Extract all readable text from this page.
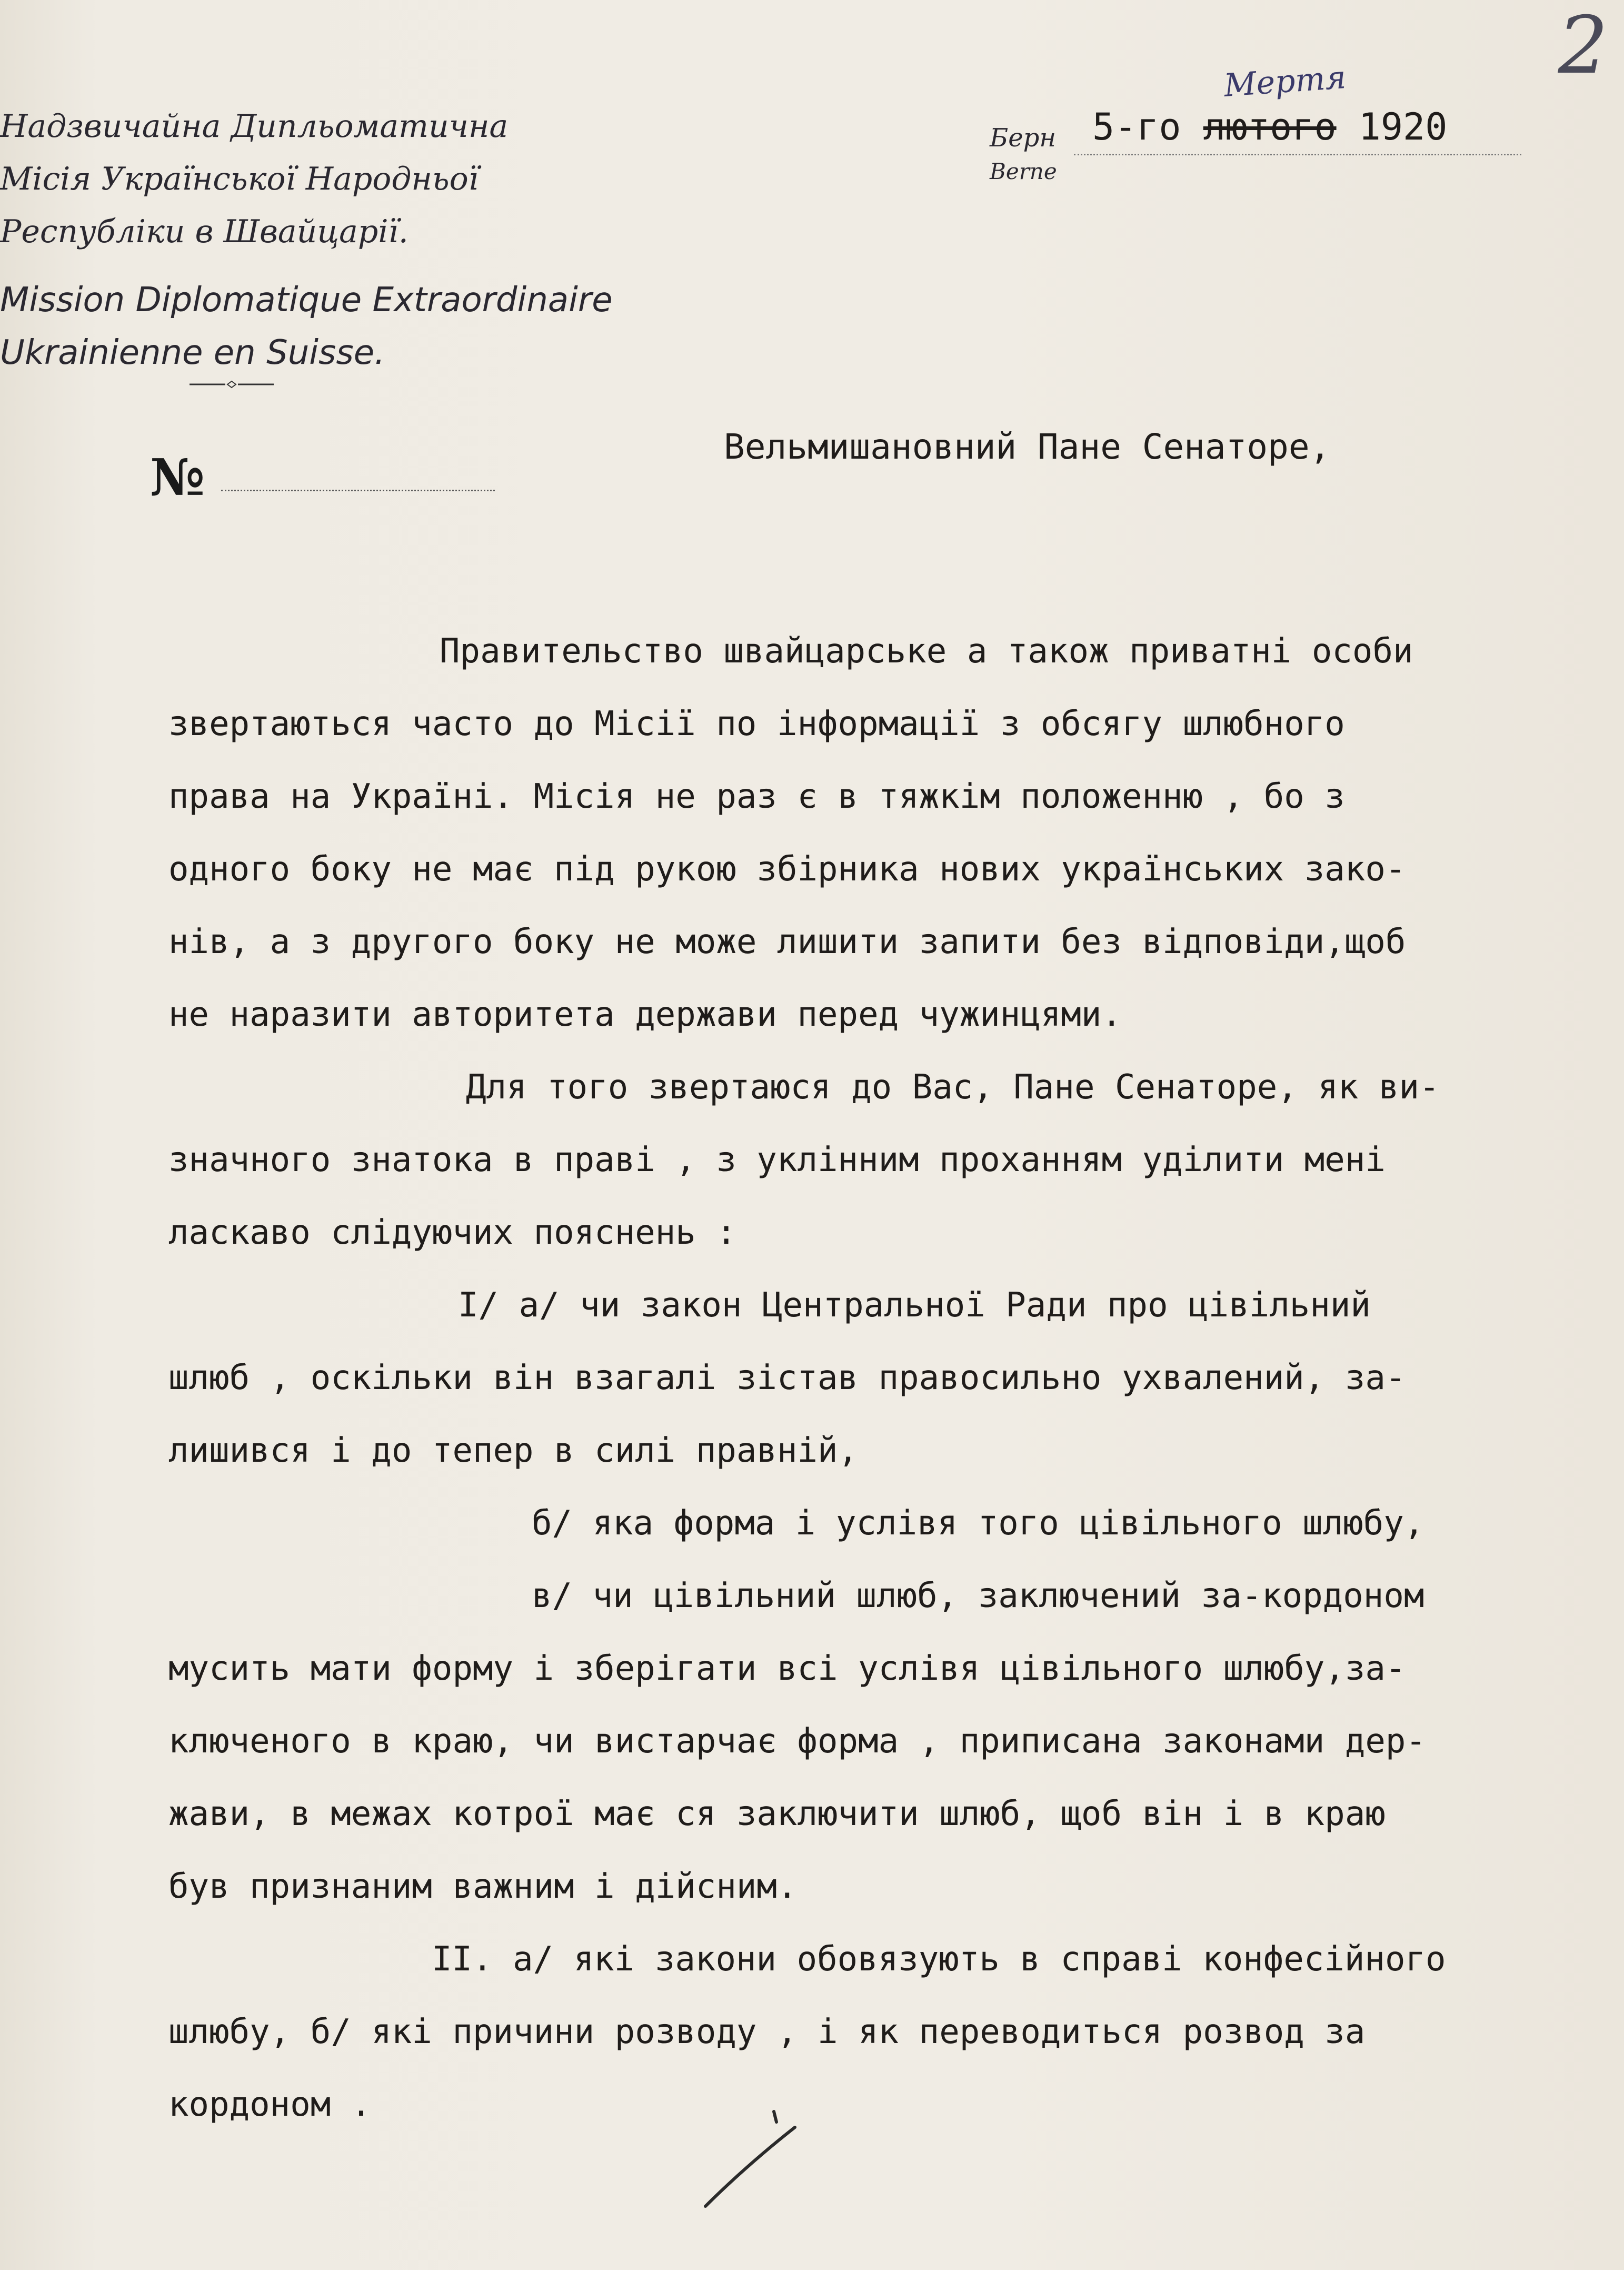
2
Надзвичайна Дипльоматична
Місія Української Народньої
Республіки в Швайцарії.
Mission Diplomatique Extraordinaire
Ukrainienne en Suisse.
№
Берн
Berne
Мертя
5-го лютого 1920
Вельмишановний Пане Сенаторе,
Правительство швайцарське а також приватні особи
звертаються часто до Місії по інформації з обсягу шлюбного
права на Україні. Місія не раз є в тяжкім положенню , бо з
одного боку не має під рукою збірника нових українських зако-
нів, а з другого боку не може лишити запити без відповіди,щоб
не наразити авторитета держави перед чужинцями.
Для того звертаюся до Вас, Пане Сенаторе, як ви-
значного знатока в праві , з уклінним проханням уділити мені
ласкаво слідуючих пояснень :
I/ а/ чи закон Центральної Ради про цівільний
шлюб , оскільки він взагалі зістав правосильно ухвалений, за-
лишився і до тепер в силі правній,
б/ яка форма і услівя того цівільного шлюбу,
в/ чи цівільний шлюб, заключений за-кордоном
мусить мати форму і зберігати всі услівя цівільного шлюбу,за-
ключеного в краю, чи вистарчає форма , приписана законами дер-
жави, в межах котрої має ся заключити шлюб, щоб він і в краю
був признаним важним і дійсним.
II. а/ які закони обовязують в справі конфесійного
шлюбу, б/ які причини розводу , і як переводиться розвод за
кордоном .
